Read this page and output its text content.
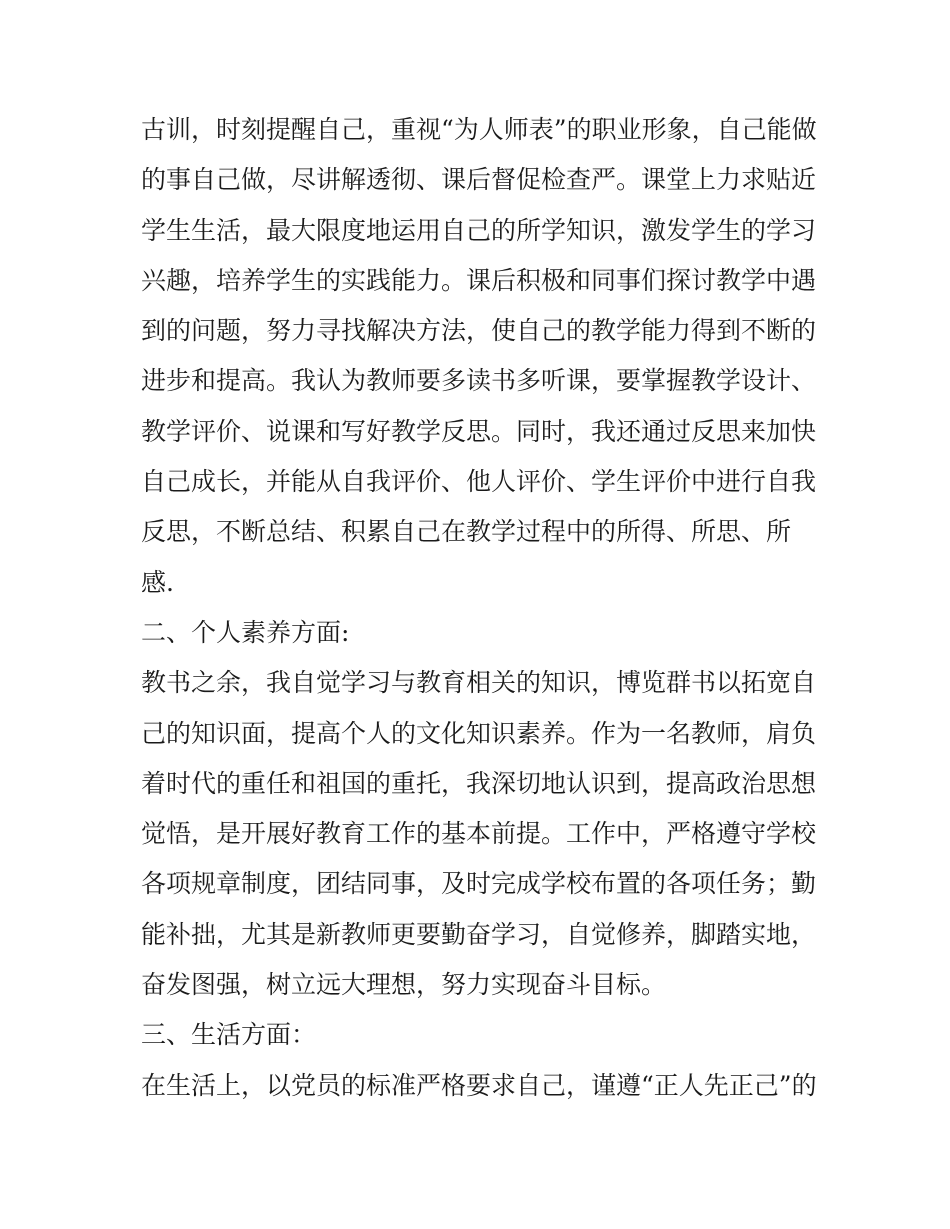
古训，时刻提醒自己，重视“为人师表”的职业形象，自己能做
的事自己做，尽讲解透彻、课后督促检查严。课堂上力求贴近
学生生活，最大限度地运用自己的所学知识，激发学生的学习
兴趣，培养学生的实践能力。课后积极和同事们探讨教学中遇
到的问题，努力寻找解决方法，使自己的教学能力得到不断的
进步和提高。我认为教师要多读书多听课，要掌握教学设计、
教学评价、说课和写好教学反思。同时，我还通过反思来加快
自己成长，并能从自我评价、他人评价、学生评价中进行自我
反思，不断总结、积累自己在教学过程中的所得、所思、所
感.
二、个人素养方面:
教书之余，我自觉学习与教育相关的知识，博览群书以拓宽自
己的知识面，提高个人的文化知识素养。作为一名教师，肩负
着时代的重任和祖国的重托，我深切地认识到，提高政治思想
觉悟，是开展好教育工作的基本前提。工作中，严格遵守学校
各项规章制度，团结同事，及时完成学校布置的各项任务；勤
能补拙，尤其是新教师更要勤奋学习，自觉修养，脚踏实地，
奋发图强，树立远大理想，努力实现奋斗目标。
三、生活方面：
在生活上，以党员的标准严格要求自己，谨遵“正人先正己”的
